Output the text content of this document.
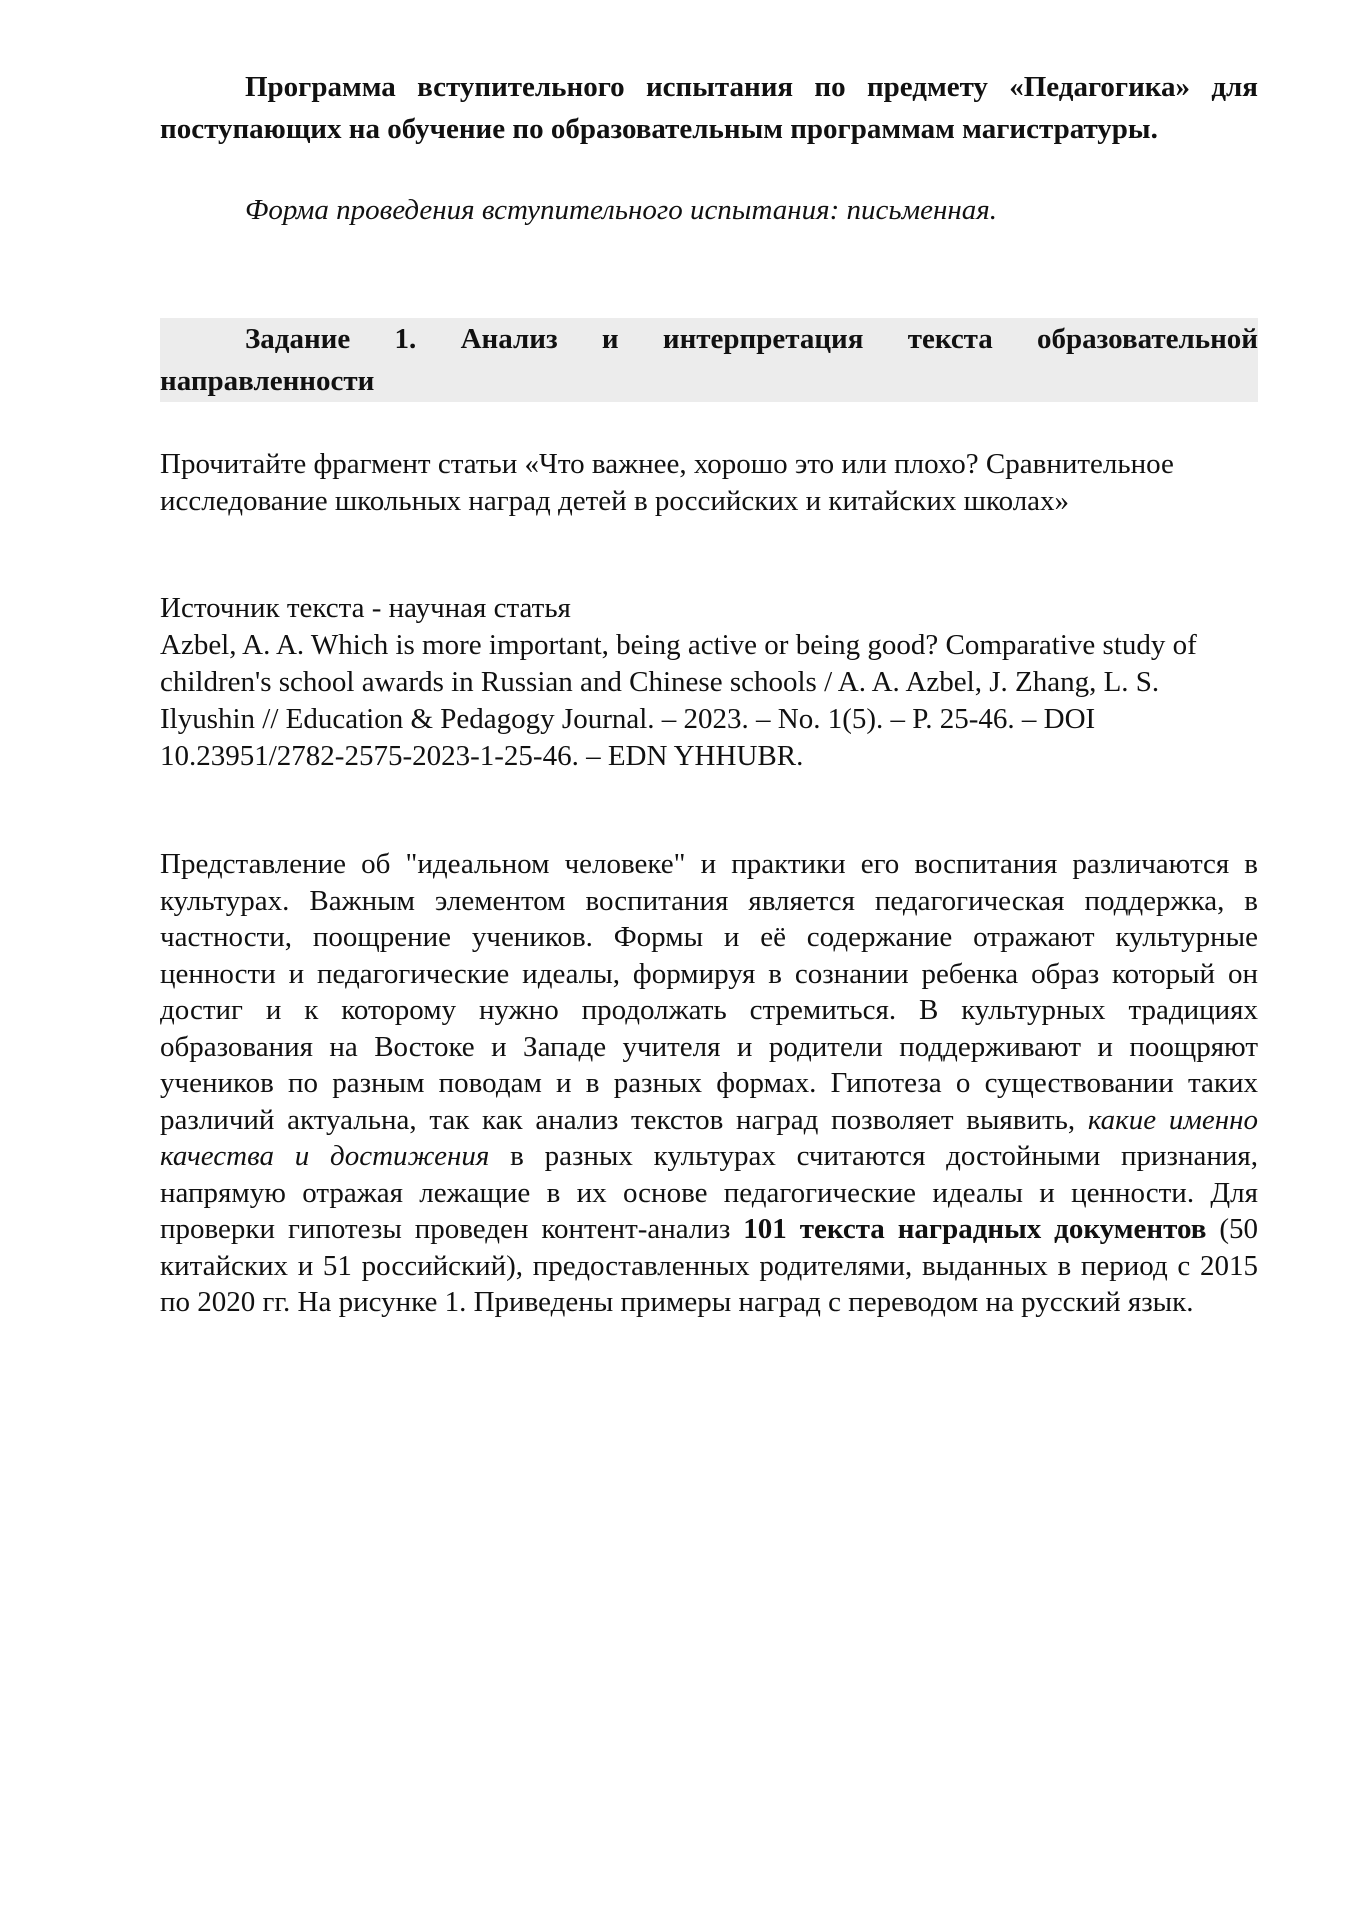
Программа вступительного испытания по предмету «Педагогика» для поступающих на обучение по образовательным программам магистратуры.

Форма проведения вступительного испытания: письменная.

Задание 1. Анализ и интерпретация текста образовательной направленности

Прочитайте фрагмент статьи «Что важнее, хорошо это или плохо? Сравнительное исследование школьных наград детей в российских и китайских школах»

Источник текста - научная статья

Azbel, A. A. Which is more important, being active or being good? Comparative study of children's school awards in Russian and Chinese schools / A. A. Azbel, J. Zhang, L. S. Ilyushin // Education & Pedagogy Journal. – 2023. – No. 1(5). – P. 25-46. – DOI 10.23951/2782-2575-2023-1-25-46. – EDN YHHUBR.

Представление об "идеальном человеке" и практики его воспитания различаются в культурах. Важным элементом воспитания является педагогическая поддержка, в частности, поощрение учеников. Формы и её содержание отражают культурные ценности и педагогические идеалы, формируя в сознании ребенка образ который он достиг и к которому нужно продолжать стремиться. В культурных традициях образования на Востоке и Западе учителя и родители поддерживают и поощряют учеников по разным поводам и в разных формах. Гипотеза о существовании таких различий актуальна, так как анализ текстов наград позволяет выявить, какие именно качества и достижения в разных культурах считаются достойными признания, напрямую отражая лежащие в их основе педагогические идеалы и ценности. Для проверки гипотезы проведен контент-анализ 101 текста наградных документов (50 китайских и 51 российский), предоставленных родителями, выданных в период с 2015 по 2020 гг. На рисунке 1. Приведены примеры наград с переводом на русский язык.
